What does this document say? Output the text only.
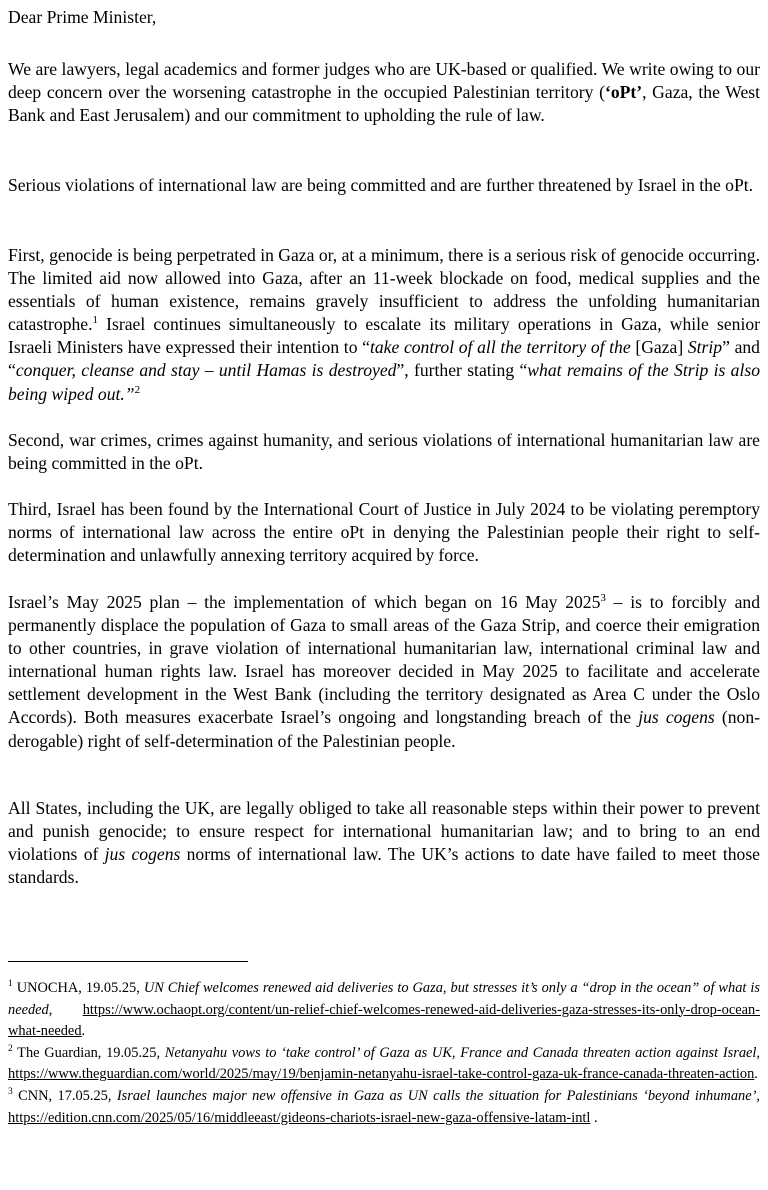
Dear Prime Minister,

We are lawyers, legal academics and former judges who are UK-based or qualified. We write owing to our deep concern over the worsening catastrophe in the occupied Palestinian territory (‘oPt’, Gaza, the West Bank and East Jerusalem) and our commitment to upholding the rule of law.

Serious violations of international law are being committed and are further threatened by Israel in the oPt.

First, genocide is being perpetrated in Gaza or, at a minimum, there is a serious risk of genocide occurring. The limited aid now allowed into Gaza, after an 11-week blockade on food, medical supplies and the essentials of human existence, remains gravely insufficient to address the unfolding humanitarian catastrophe.$^1$ Israel continues simultaneously to escalate its military operations in Gaza, while senior Israeli Ministers have expressed their intention to “take control of all the territory of the [Gaza] Strip” and “conquer, cleanse and stay – until Hamas is destroyed”, further stating “what remains of the Strip is also being wiped out.”$^2$

Second, war crimes, crimes against humanity, and serious violations of international humanitarian law are being committed in the oPt.

Third, Israel has been found by the International Court of Justice in July 2024 to be violating peremptory norms of international law across the entire oPt in denying the Palestinian people their right to self-determination and unlawfully annexing territory acquired by force.

Israel’s May 2025 plan – the implementation of which began on 16 May 2025$^3$ – is to forcibly and permanently displace the population of Gaza to small areas of the Gaza Strip, and coerce their emigration to other countries, in grave violation of international humanitarian law, international criminal law and international human rights law. Israel has moreover decided in May 2025 to facilitate and accelerate settlement development in the West Bank (including the territory designated as Area C under the Oslo Accords). Both measures exacerbate Israel’s ongoing and longstanding breach of the jus cogens (non-derogable) right of self-determination of the Palestinian people.

All States, including the UK, are legally obliged to take all reasonable steps within their power to prevent and punish genocide; to ensure respect for international humanitarian law; and to bring to an end violations of jus cogens norms of international law. The UK’s actions to date have failed to meet those standards.

$^1$ UNOCHA, 19.05.25, UN Chief welcomes renewed aid deliveries to Gaza, but stresses it’s only a “drop in the ocean” of what is needed, https://www.ochaopt.org/content/un-relief-chief-welcomes-renewed-aid-deliveries-gaza-stresses-its-only-drop-ocean-what-needed.

$^2$ The Guardian, 19.05.25, Netanyahu vows to ‘take control’ of Gaza as UK, France and Canada threaten action against Israel, https://www.theguardian.com/world/2025/may/19/benjamin-netanyahu-israel-take-control-gaza-uk-france-canada-threaten-action.

$^3$ CNN, 17.05.25, Israel launches major new offensive in Gaza as UN calls the situation for Palestinians ‘beyond inhumane’, https://edition.cnn.com/2025/05/16/middleeast/gideons-chariots-israel-new-gaza-offensive-latam-intl .
